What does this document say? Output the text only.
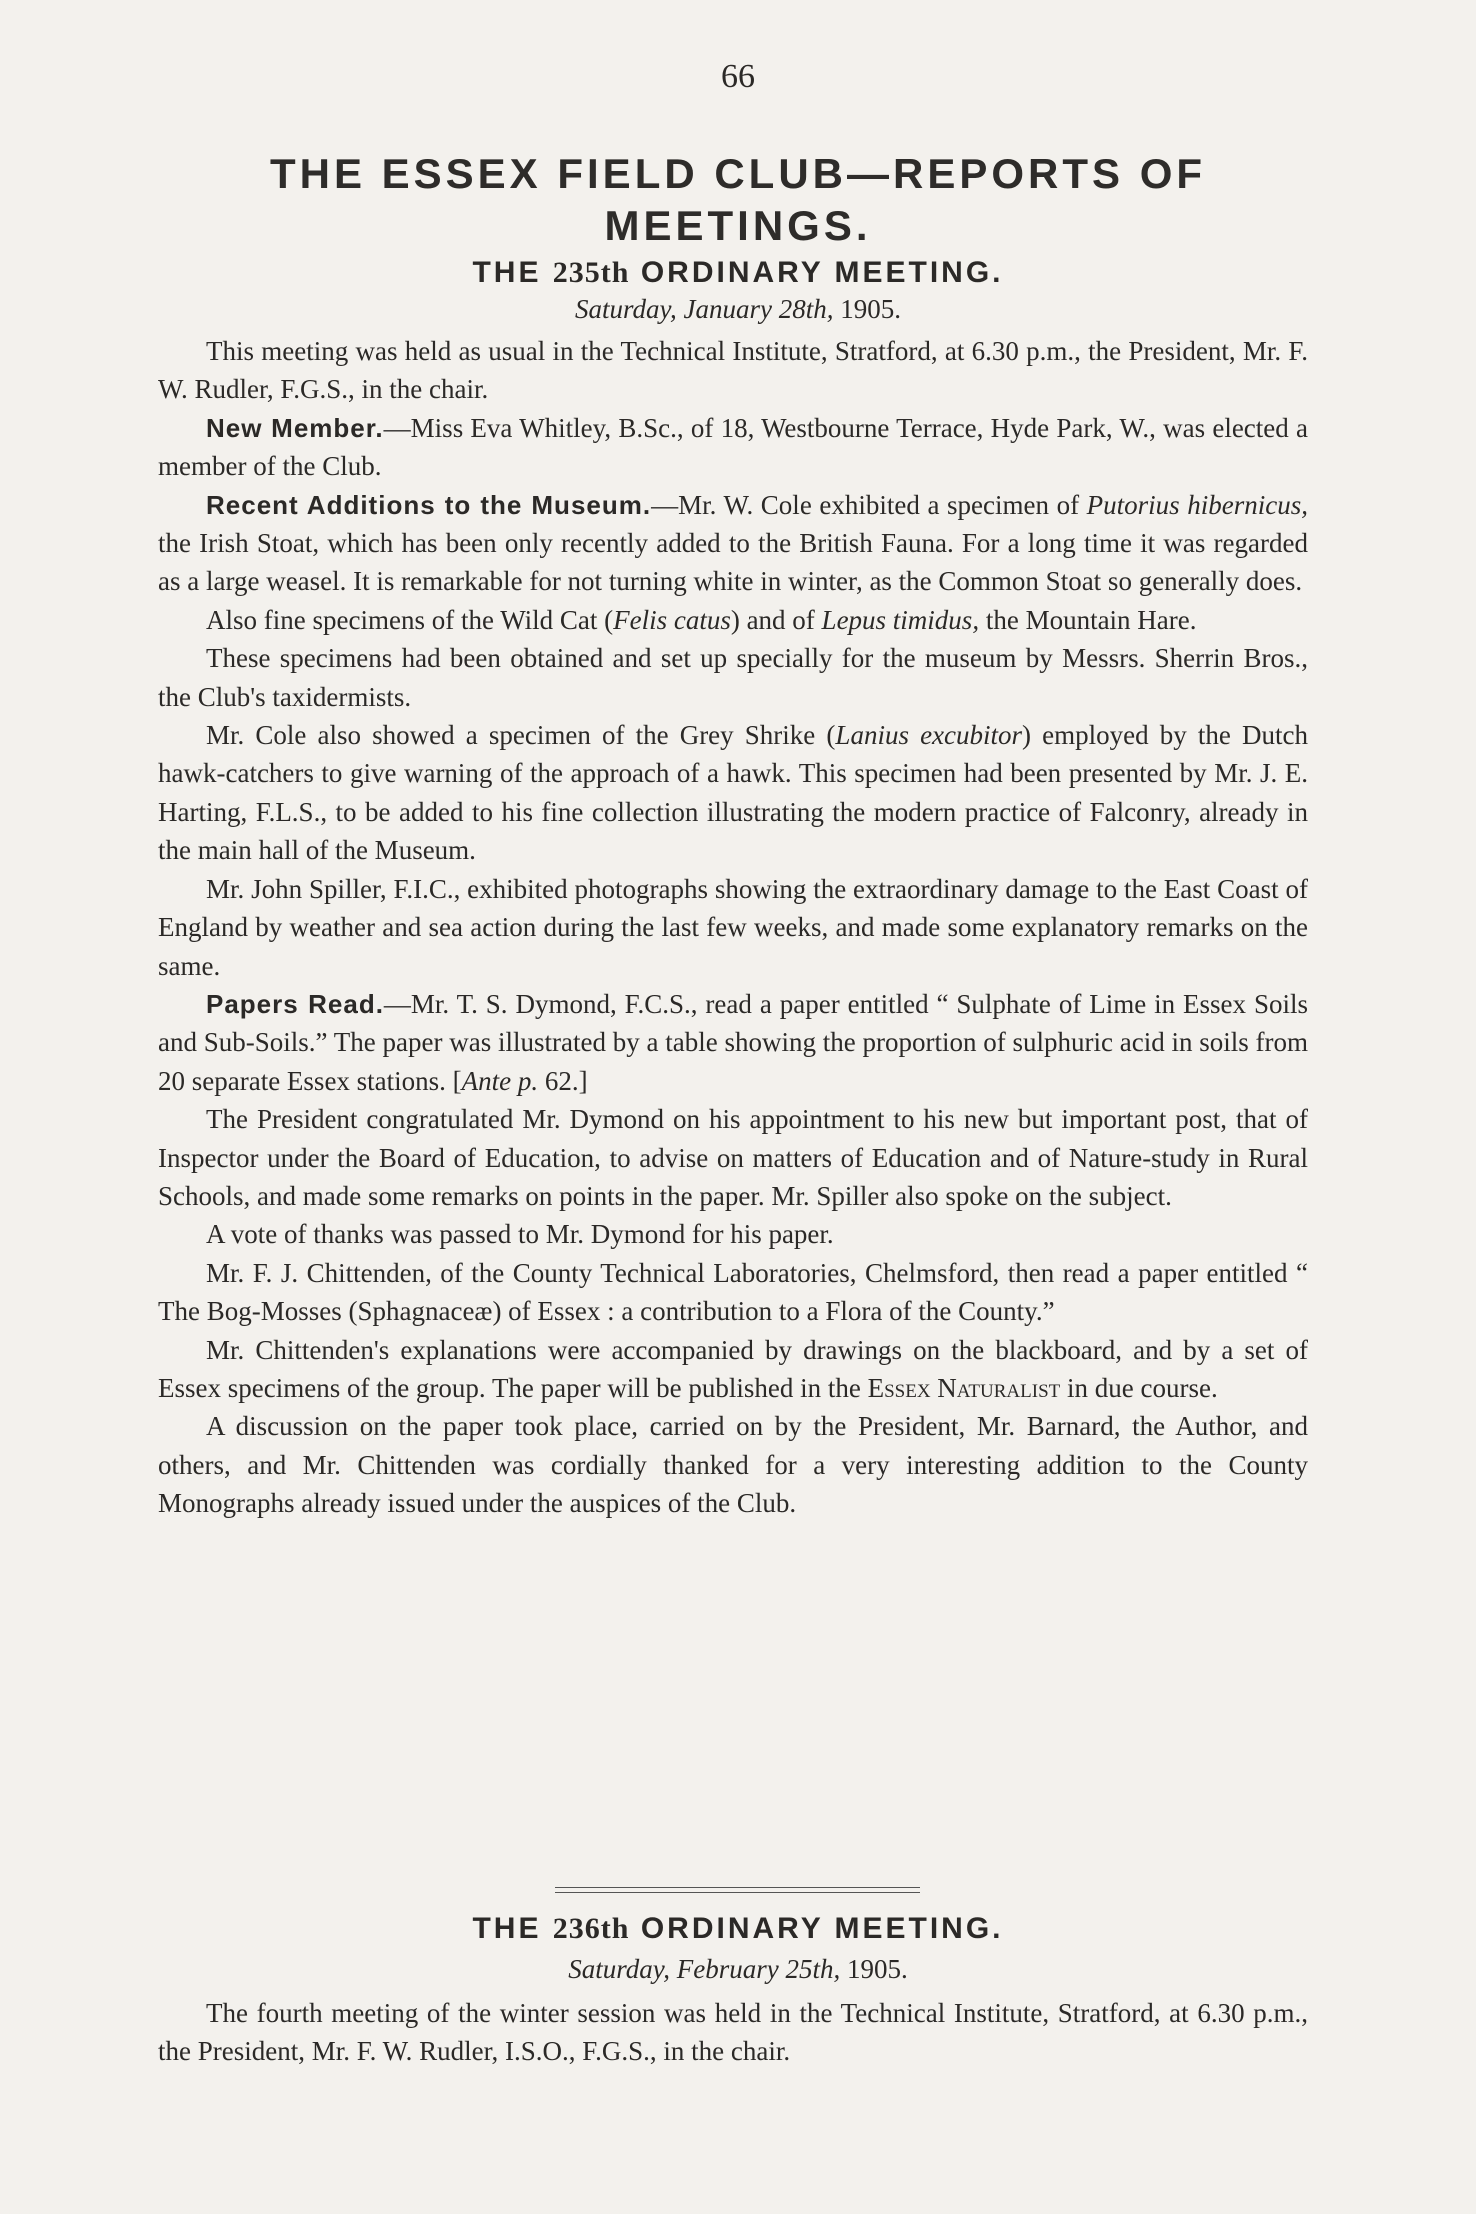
66
THE ESSEX FIELD CLUB—REPORTS OF MEETINGS.
THE 235th ORDINARY MEETING.
Saturday, January 28th, 1905.

This meeting was held as usual in the Technical Institute, Stratford, at 6.30 p.m., the President, Mr. F. W. Rudler, F.G.S., in the chair.

New Member.—Miss Eva Whitley, B.Sc., of 18, Westbourne Terrace, Hyde Park, W., was elected a member of the Club.

Recent Additions to the Museum.—Mr. W. Cole exhibited a specimen of Putorius hibernicus, the Irish Stoat, which has been only recently added to the British Fauna. For a long time it was regarded as a large weasel. It is remarkable for not turning white in winter, as the Common Stoat so generally does.

Also fine specimens of the Wild Cat (Felis catus) and of Lepus timidus, the Mountain Hare.

These specimens had been obtained and set up specially for the museum by Messrs. Sherrin Bros., the Club's taxidermists.

Mr. Cole also showed a specimen of the Grey Shrike (Lanius excubitor) employed by the Dutch hawk-catchers to give warning of the approach of a hawk. This specimen had been presented by Mr. J. E. Harting, F.L.S., to be added to his fine collection illustrating the modern practice of Falconry, already in the main hall of the Museum.

Mr. John Spiller, F.I.C., exhibited photographs showing the extraordinary damage to the East Coast of England by weather and sea action during the last few weeks, and made some explanatory remarks on the same.

Papers Read.—Mr. T. S. Dymond, F.C.S., read a paper entitled “ Sulphate of Lime in Essex Soils and Sub-Soils.” The paper was illustrated by a table showing the proportion of sulphuric acid in soils from 20 separate Essex stations. [Ante p. 62.]

The President congratulated Mr. Dymond on his appointment to his new but important post, that of Inspector under the Board of Education, to advise on matters of Education and of Nature-study in Rural Schools, and made some remarks on points in the paper. Mr. Spiller also spoke on the subject.

A vote of thanks was passed to Mr. Dymond for his paper.

Mr. F. J. Chittenden, of the County Technical Laboratories, Chelmsford, then read a paper entitled “ The Bog-Mosses (Sphagnaceæ) of Essex : a contribution to a Flora of the County.”

Mr. Chittenden's explanations were accompanied by drawings on the blackboard, and by a set of Essex specimens of the group. The paper will be published in the Essex Naturalist in due course.

A discussion on the paper took place, carried on by the President, Mr. Barnard, the Author, and others, and Mr. Chittenden was cordially thanked for a very interesting addition to the County Monographs already issued under the auspices of the Club.

THE 236th ORDINARY MEETING.
Saturday, February 25th, 1905.

The fourth meeting of the winter session was held in the Technical Institute, Stratford, at 6.30 p.m., the President, Mr. F. W. Rudler, I.S.O., F.G.S., in the chair.
